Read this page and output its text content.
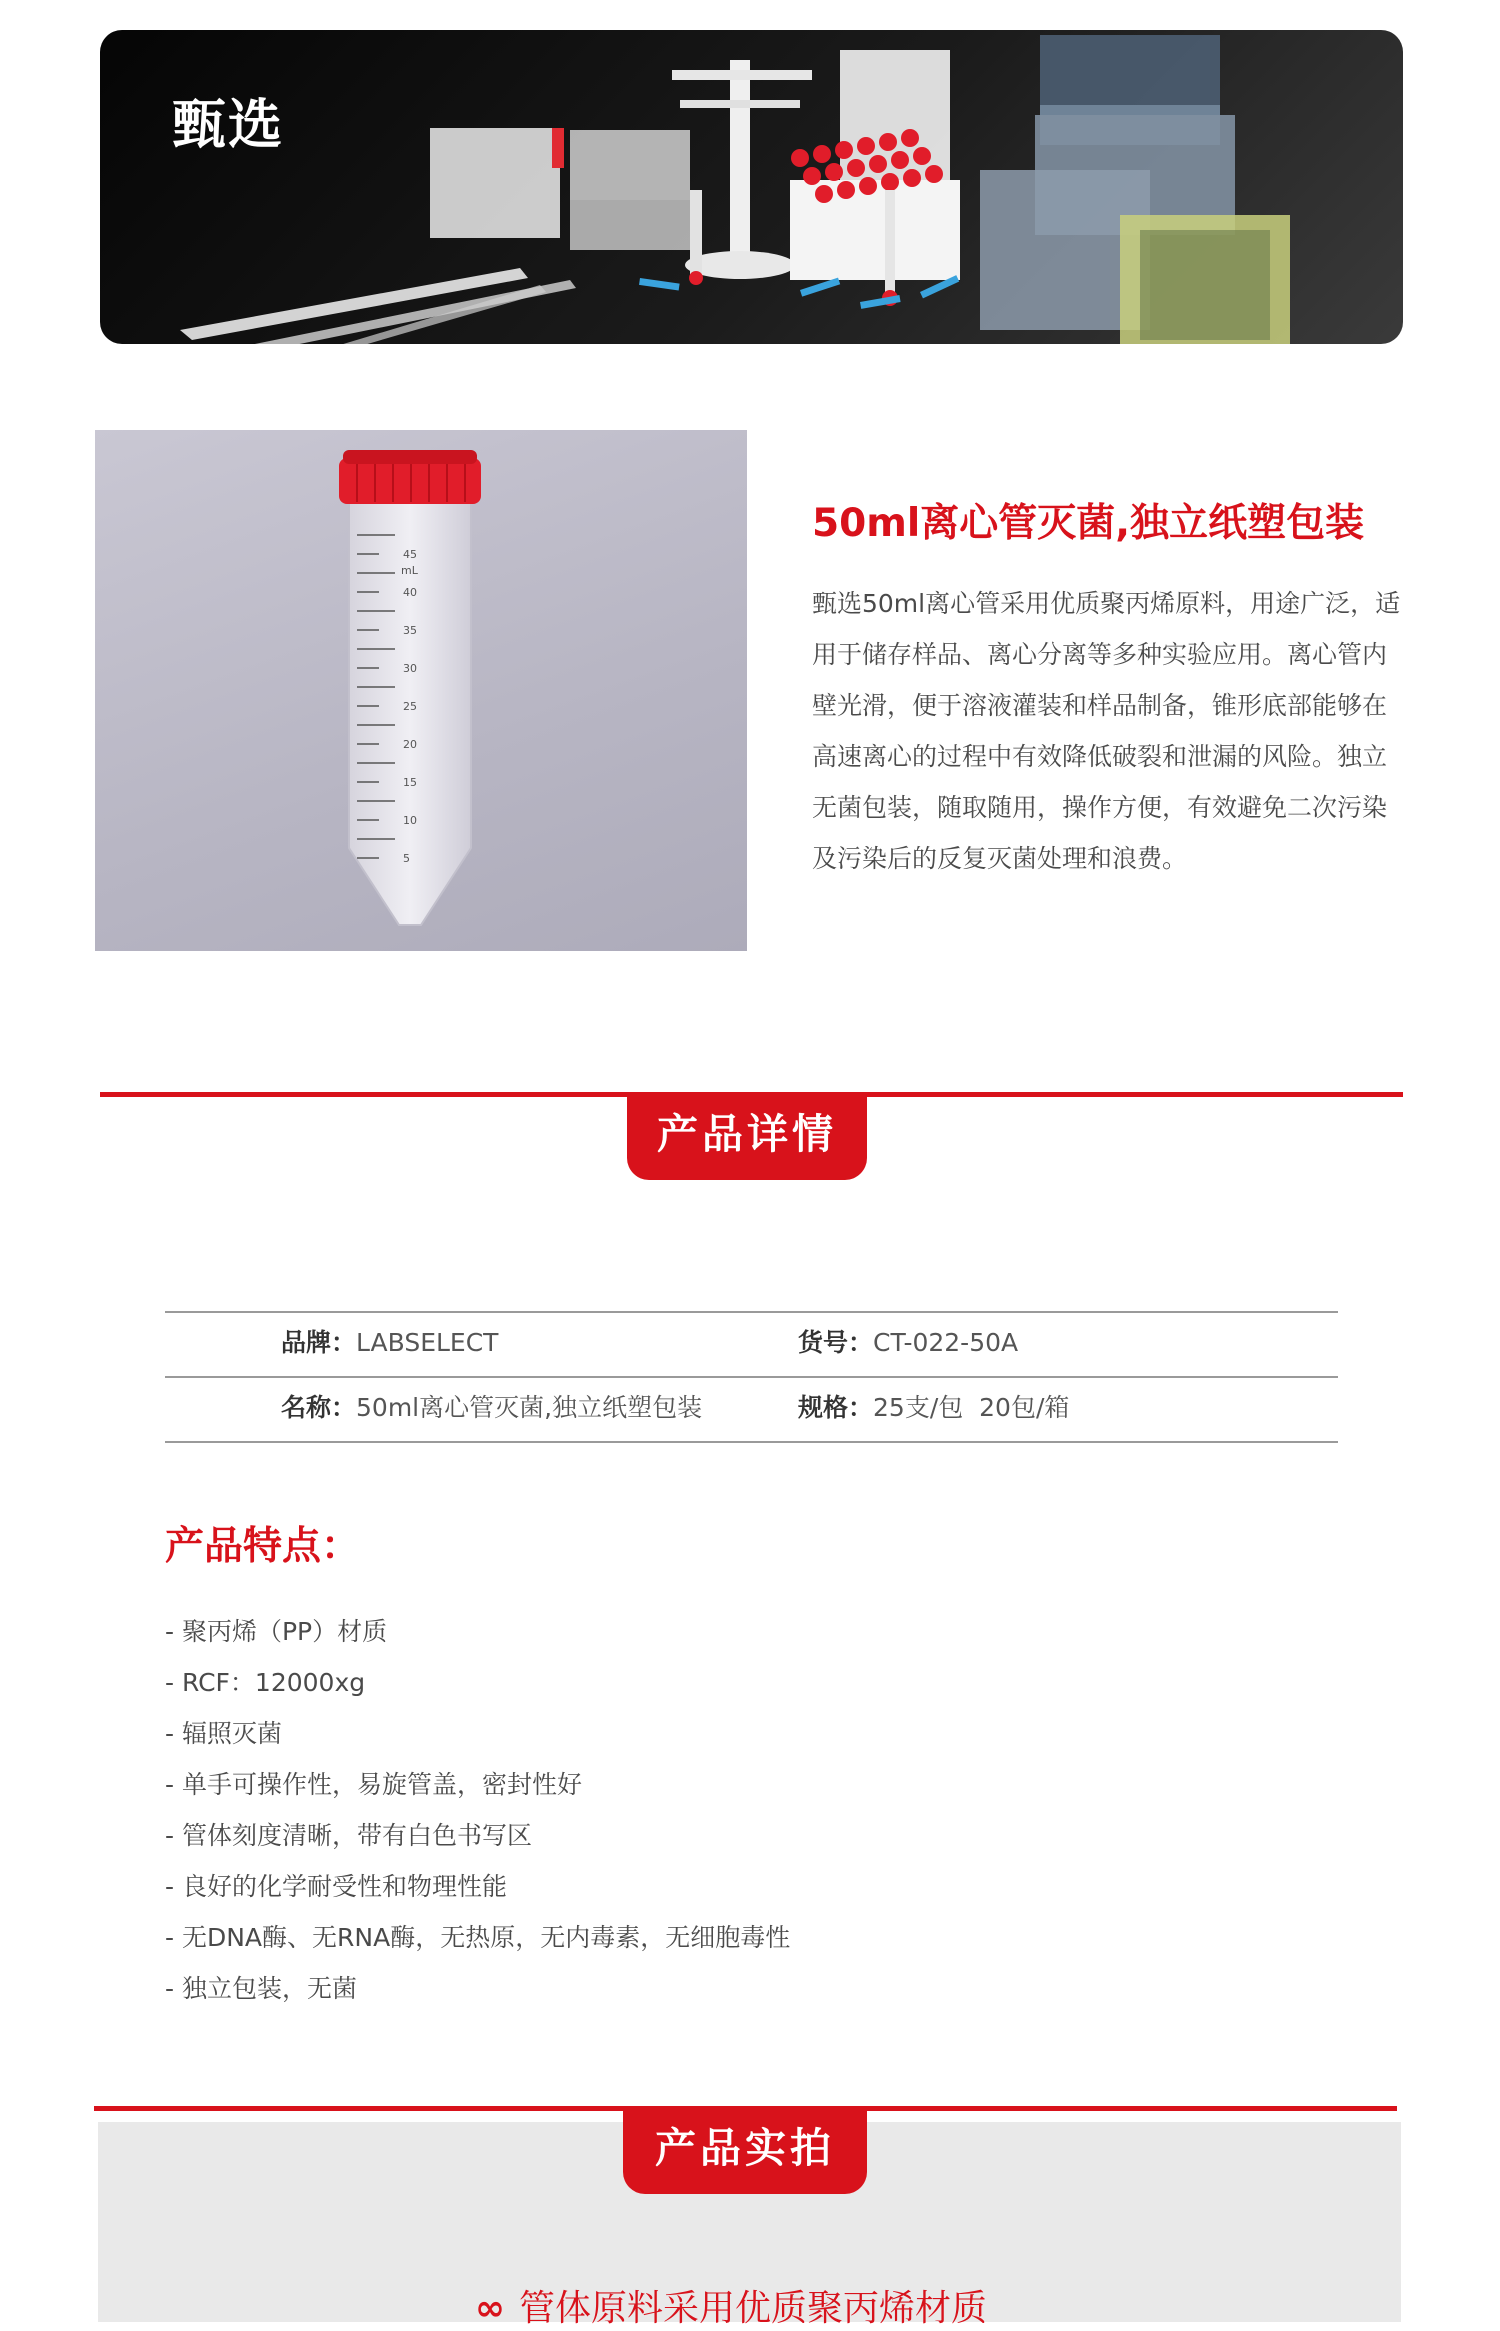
甄选
45
mL
40
35
30
25
20
15
10
5
50ml离心管灭菌,独立纸塑包装
甄选50ml离心管采用优质聚丙烯原料，用途广泛，适用于储存样品、离心分离等多种实验应用。离心管内壁光滑，便于溶液灌装和样品制备，锥形底部能够在高速离心的过程中有效降低破裂和泄漏的风险。独立无菌包装，随取随用，操作方便，有效避免二次污染及污染后的反复灭菌处理和浪费。
产品详情
品牌：LABSELECT	货号：CT-022-50A
名称：50ml离心管灭菌,独立纸塑包装	规格：25支/包  20包/箱
产品特点：
- 聚丙烯（PP）材质
- RCF：12000xg
- 辐照灭菌
- 单手可操作性，易旋管盖，密封性好
- 管体刻度清晰，带有白色书写区
- 良好的化学耐受性和物理性能
- 无DNA酶、无RNA酶，无热原，无内毒素，无细胞毒性
- 独立包装，无菌
产品实拍
∞ 管体原料采用优质聚丙烯材质
